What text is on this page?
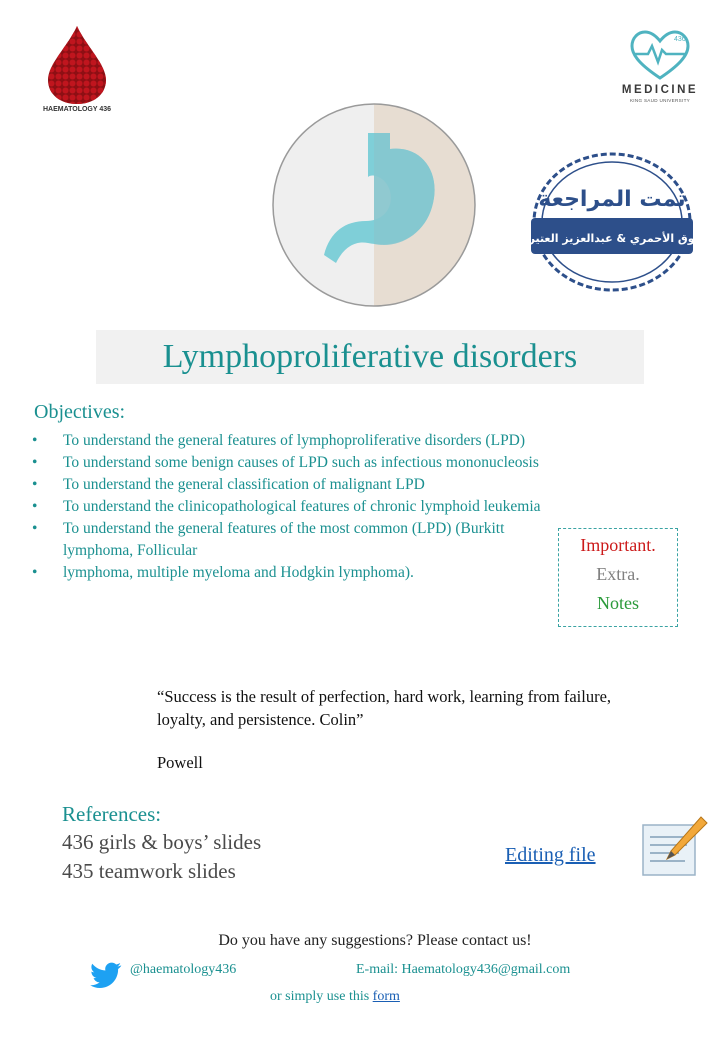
HAEMATOLOGY 436
436
MEDICINE
KING SAUD UNIVERSITY
تمت المراجعة
شوق الأحمري & عبدالعزيز العتيري
Lymphoproliferative disorders
Objectives:
• To understand the general features of lymphoproliferative disorders (LPD)
• To understand some benign causes of LPD such as infectious mononucleosis
• To understand the general classification of malignant LPD
• To understand the clinicopathological features of chronic lymphoid leukemia
• To understand the general features of the most common (LPD) (Burkitt lymphoma, Follicular
• lymphoma, multiple myeloma and Hodgkin lymphoma).
Important.
Extra.
Notes
“Success is the result of perfection, hard work, learning from failure, loyalty, and persistence. Colin”
Powell
References:
436 girls & boys’ slides
435 teamwork slides
Editing file
Do you have any suggestions? Please contact us!
@haematology436	E-mail: Haematology436@gmail.com
or simply use this form
